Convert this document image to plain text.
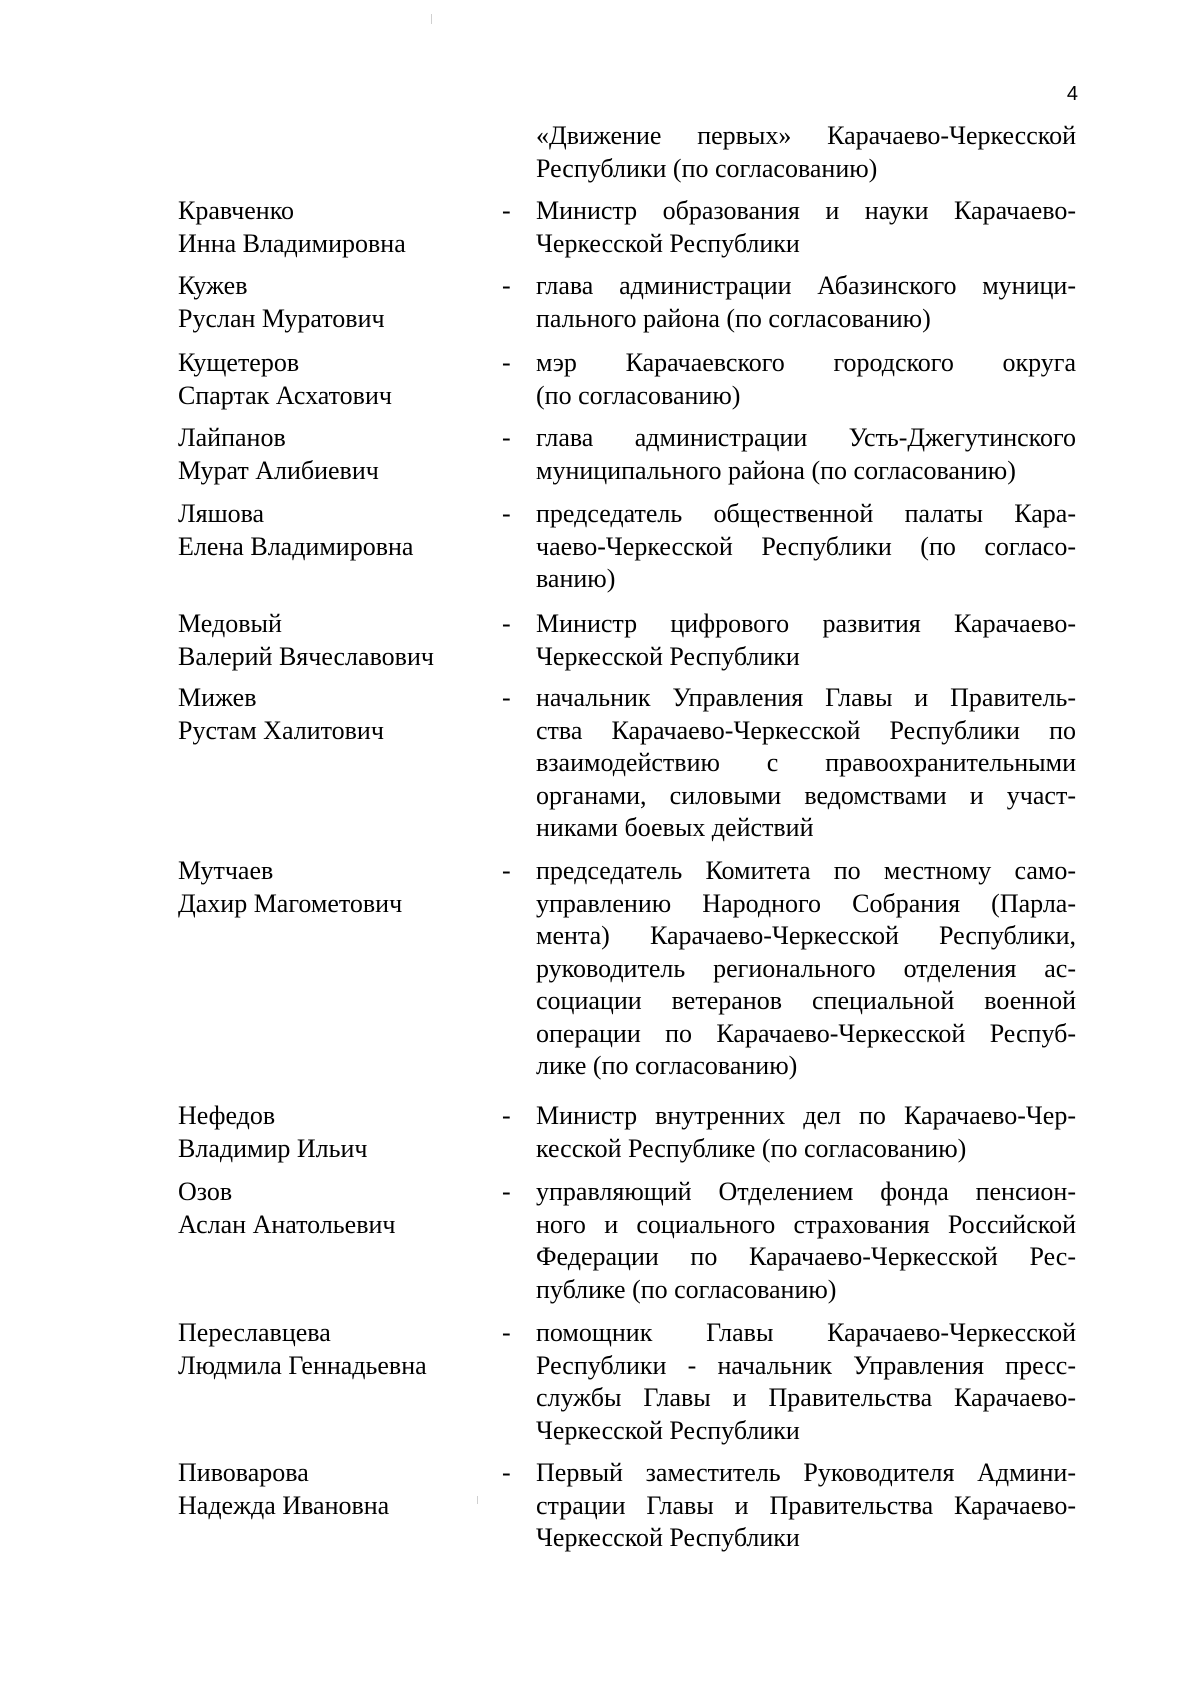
4
«Движение первых» Карачаево-Черкесской
Республики (по согласованию)
Кравченко
Инна Владимировна
- Министр образования и науки Карачаево-
Черкесской Республики
Кужев
Руслан Муратович
- глава администрации Абазинского муници-
пального района (по согласованию)
Кущетеров
Спартак Асхатович
- мэр Карачаевского городского округа
(по согласованию)
Лайпанов
Мурат Алибиевич
- глава администрации Усть-Джегутинского
муниципального района (по согласованию)
Ляшова
Елена Владимировна
- председатель общественной палаты Кара-
чаево-Черкесской Республики (по согласо-
ванию)
Медовый
Валерий Вячеславович
- Министр цифрового развития Карачаево-
Черкесской Республики
Мижев
Рустам Халитович
- начальник Управления Главы и Правитель-
ства Карачаево-Черкесской Республики по
взаимодействию с правоохранительными
органами, силовыми ведомствами и участ-
никами боевых действий
Мутчаев
Дахир Магометович
- председатель Комитета по местному само-
управлению Народного Собрания (Парла-
мента) Карачаево-Черкесской Республики,
руководитель регионального отделения ас-
социации ветеранов специальной военной
операции по Карачаево-Черкесской Респуб-
лике (по согласованию)
Нефедов
Владимир Ильич
- Министр внутренних дел по Карачаево-Чер-
кесской Республике (по согласованию)
Озов
Аслан Анатольевич
- управляющий Отделением фонда пенсион-
ного и социального страхования Российской
Федерации по Карачаево-Черкесской Рес-
публике (по согласованию)
Переславцева
Людмила Геннадьевна
- помощник Главы Карачаево-Черкесской
Республики - начальник Управления пресс-
службы Главы и Правительства Карачаево-
Черкесской Республики
Пивоварова
Надежда Ивановна
- Первый заместитель Руководителя Админи-
страции Главы и Правительства Карачаево-
Черкесской Республики
